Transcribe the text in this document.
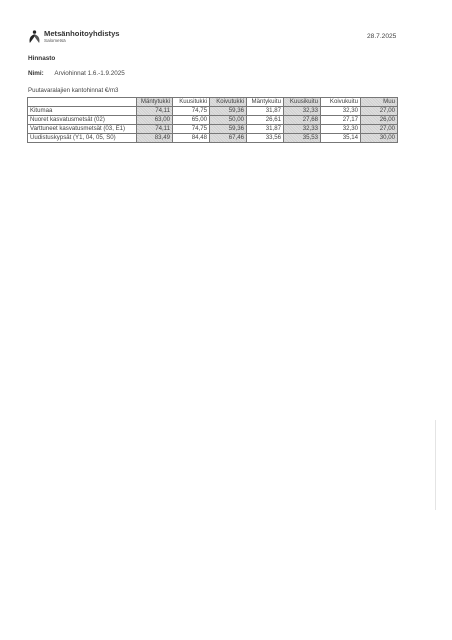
Metsänhoitoyhdistys
Salometsä
28.7.2025
Hinnasto
Nimi: Arviohinnat 1.6.-1.9.2025
Puutavaralajien kantohinnat €/m3
	Mäntytukki	Kuusitukki	Koivutukki	Mäntykuitu	Kuusikuitu	Koivukuitu	Muu
Kitumaa	74,11	74,75	59,36	31,87	32,33	32,30	27,00
Nuoret kasvatusmetsät (02)	63,00	65,00	50,00	26,61	27,68	27,17	26,00
Varttuneet kasvatusmetsät (03, E1)	74,11	74,75	59,36	31,87	32,33	32,30	27,00
Uudistuskypsät (Y1, 04, 05, S0)	83,49	84,48	67,46	33,56	35,53	35,14	30,00
